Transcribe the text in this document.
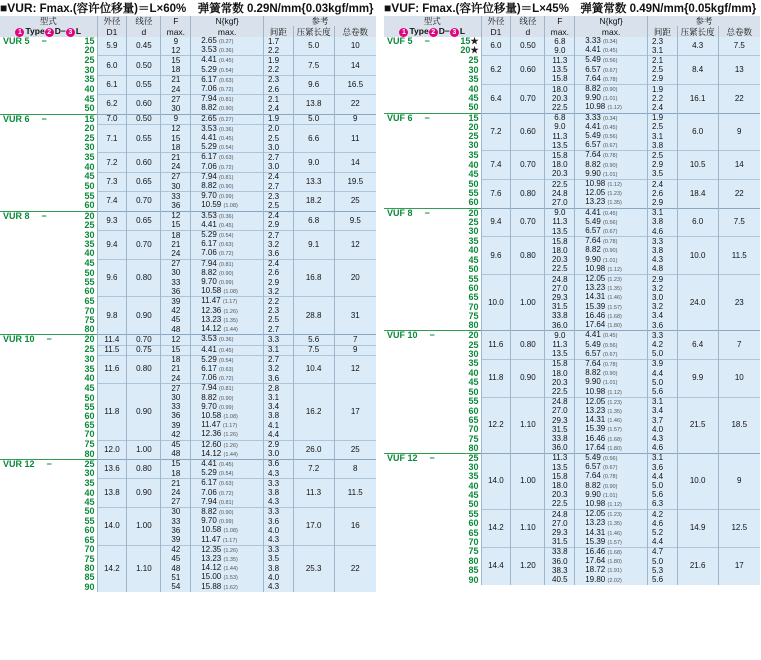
■VUR: Fmax.(容许位移量)＝L×60%　弹簧常数 0.29N/mm{0.03kgf/mm}
型式	外径	线径	F	N{kgf}	参考		
1 Type 2 D− 3 L	D1	d	max.	max.	间距	压紧长度	总卷数

VUR 5 − 15	5.9	0.45	9	2.65 (0.27)	1.7	5.0	10

20			12	3.53 (0.36)	2.2		

25	6.0	0.50	15	4.41 (0.45)	1.9	7.5	14

30			18	5.29 (0.54)	2.2		

35	6.1	0.55	21	6.17 (0.63)	2.3	9.6	16.5

40			24	7.06 (0.72)	2.6		

45	6.2	0.60	27	7.94 (0.81)	2.1	13.8	22

50			30	8.82 (0.90)	2.4		

VUR 6 − 15	7.0	0.50	9	2.65 (0.27)	1.9	5.0	9

20	7.1	0.55	12	3.53 (0.36)	2.0	6.6	11

25			15	4.41 (0.45)	2.5		

30			18	5.29 (0.54)	3.0		

35	7.2	0.60	21	6.17 (0.63)	2.7	9.0	14

40			24	7.06 (0.72)	3.0		

45	7.3	0.65	27	7.94 (0.81)	2.4	13.3	19.5

50			30	8.82 (0.90)	2.7		

55	7.4	0.70	33	9.70 (0.99)	2.3	18.2	25

60			36	10.59 (1.08)	2.5		

VUR 8 − 20	9.3	0.65	12	3.53 (0.36)	2.4	6.8	9.5

25			15	4.41 (0.45)	2.9		

30	9.4	0.70	18	5.29 (0.54)	2.7	9.1	12

35			21	6.17 (0.63)	3.2		

40			24	7.06 (0.72)	3.6		

45	9.6	0.80	27	7.94 (0.81)	2.4	16.8	20

50			30	8.82 (0.90)	2.6		

55			33	9.70 (0.99)	2.9		

60			36	10.58 (1.08)	3.2		

65	9.8	0.90	39	11.47 (1.17)	2.2	28.8	31

70			42	12.36 (1.26)	2.3		

75			45	13.23 (1.35)	2.5		

80			48	14.12 (1.44)	2.7		

VUR 10 − 20	11.4	0.70	12	3.53 (0.36)	3.3	5.6	7

25	11.5	0.75	15	4.41 (0.45)	3.1	7.5	9

30	11.6	0.80	18	5.29 (0.54)	2.7	10.4	12

35			21	6.17 (0.63)	3.2		

40			24	7.06 (0.72)	3.6		

45	11.8	0.90	27	7.94 (0.81)	2.8	16.2	17

50			30	8.82 (0.90)	3.1		

55			33	9.70 (0.99)	3.4		

60			36	10.58 (1.08)	3.8		

65			39	11.47 (1.17)	4.1		

70			42	12.36 (1.26)	4.4		

75	12.0	1.00	45	12.60 (1.26)	2.9	26.0	25

80			48	14.12 (1.44)	3.0		

VUR 12 − 25	13.6	0.80	15	4.41 (0.45)	3.6	7.2	8

30			18	5.29 (0.54)	4.3		

35	13.8	0.90	21	6.17 (0.63)	3.3	11.3	11.5

40			24	7.06 (0.72)	3.8		

45			27	7.94 (0.81)	4.3		

50	14.0	1.00	30	8.82 (0.90)	3.3	17.0	16

55			33	9.70 (0.99)	3.6		

60			36	10.58 (1.08)	4.0		

65			39	11.47 (1.17)	4.3		

70	14.2	1.10	42	12.35 (1.26)	3.3	25.3	22

75			45	13.23 (1.35)	3.5		

80			48	14.12 (1.44)	3.8		

85			51	15.00 (1.53)	4.0		

90			54	15.88 (1.62)	4.3		
■VUF: Fmax.(容许位移量)＝L×45%　弹簧常数 0.49N/mm{0.05kgf/mm}
型式	外径	线径	F	N{kgf}	参考		
1 Type 2 D− 3 L	D1	d	max.	max.	间距	压紧长度	总卷数

VUF 5 − 15★	6.0	0.50	6.8	3.33 (0.34)	2.3	4.3	7.5

20★			9.0	4.41 (0.45)	3.1		

25	6.2	0.60	11.3	5.49 (0.56)	2.1	8.4	13

30			13.5	6.57 (0.67)	2.5		

35			15.8	7.64 (0.78)	2.9		

40	6.4	0.70	18.0	8.82 (0.90)	1.9	16.1	22

45			20.3	9.90 (1.01)	2.2		

50			22.5	10.98 (1.12)	2.4		

VUF 6 − 15	7.2	0.60	6.8	3.33 (0.34)	1.9	6.0	9

20			9.0	4.41 (0.45)	2.5		

25			11.3	5.49 (0.56)	3.1		

30			13.5	6.57 (0.67)	3.8		

35	7.4	0.70	15.8	7.64 (0.78)	2.5	10.5	14

40			18.0	8.82 (0.90)	2.9		

45			20.3	9.90 (1.01)	3.5		

50	7.6	0.80	22.5	10.98 (1.12)	2.4	18.4	22

55			24.8	12.05 (1.23)	2.6		

60			27.0	13.23 (1.35)	2.9		

VUF 8 − 20	9.4	0.70	9.0	4.41 (0.45)	3.1	6.0	7.5

25			11.3	5.49 (0.56)	3.8		

30			13.5	6.57 (0.67)	4.6		

35	9.6	0.80	15.8	7.64 (0.78)	3.3	10.0	11.5

40			18.0	8.82 (0.90)	3.8		

45			20.3	9.90 (1.01)	4.3		

50			22.5	10.98 (1.12)	4.8		

55	10.0	1.00	24.8	12.05 (1.23)	2.9	24.0	23

60			27.0	13.23 (1.35)	3.2		

65			29.3	14.31 (1.46)	3.0		

70			31.5	15.39 (1.57)	3.2		

75			33.8	16.46 (1.68)	3.4		

80			36.0	17.64 (1.80)	3.6		

VUF 10 − 20	11.6	0.80	9.0	4.41 (0.45)	3.3	6.4	7

25			11.3	5.49 (0.56)	4.2		

30			13.5	6.57 (0.67)	5.0		

35	11.8	0.90	15.8	7.64 (0.78)	3.9	9.9	10

40			18.0	8.82 (0.90)	4.4		

45			20.3	9.90 (1.01)	5.0		

50			22.5	10.98 (1.12)	5.6		

55	12.2	1.10	24.8	12.05 (1.23)	3.1	21.5	18.5

60			27.0	13.23 (1.35)	3.4		

65			29.3	14.31 (1.46)	3.7		

70			31.5	15.39 (1.57)	4.0		

75			33.8	16.46 (1.68)	4.3		

80			36.0	17.64 (1.80)	4.6		

VUF 12 − 25	14.0	1.00	11.3	5.49 (0.56)	3.1	10.0	9

30			13.5	6.57 (0.67)	3.6		

35			15.8	7.64 (0.78)	4.4		

40			18.0	8.82 (0.90)	5.0		

45			20.3	9.90 (1.01)	5.6		

50			22.5	10.98 (1.12)	6.3		

55	14.2	1.10	24.8	12.05 (1.23)	4.2	14.9	12.5

60			27.0	13.23 (1.35)	4.6		

65			29.3	14.31 (1.46)	5.2		

70			31.5	15.39 (1.57)	4.4		

75	14.4	1.20	33.8	16.46 (1.68)	4.7	21.6	17

80			36.0	17.64 (1.80)	5.0		

85			38.3	18.72 (1.91)	5.3		

90			40.5	19.80 (2.02)	5.6		
